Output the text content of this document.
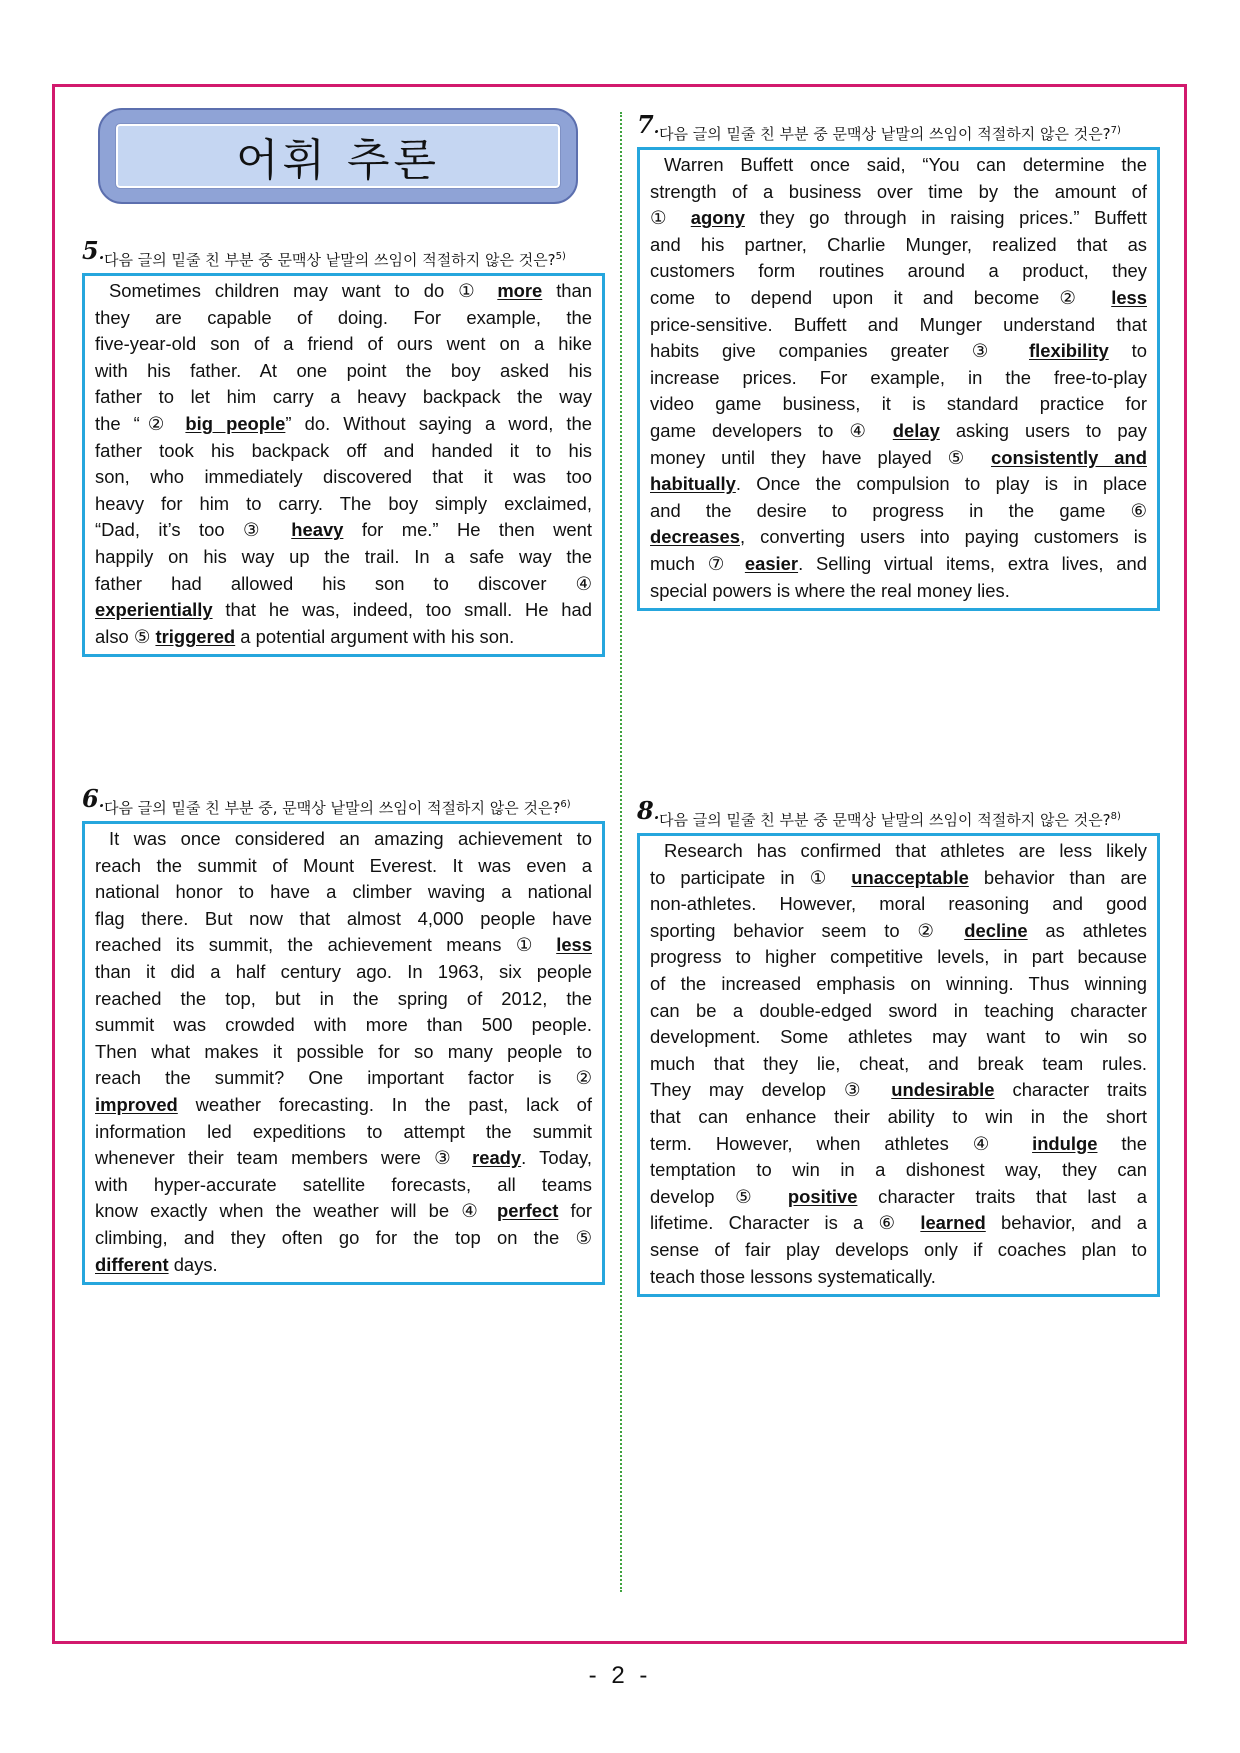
어휘 추론
5. 다음 글의 밑줄 친 부분 중 문맥상 낱말의 쓰임이 적절하지 않은 것은?$^{5)}$
Sometimes children may want to do ① more than
they are capable of doing. For example, the
five-year-old son of a friend of ours went on a hike
with his father. At one point the boy asked his
father to let him carry a heavy backpack the way
the “② big people” do. Without saying a word, the
father took his backpack off and handed it to his
son, who immediately discovered that it was too
heavy for him to carry. The boy simply exclaimed,
“Dad, it’s too ③ heavy for me.” He then went
happily on his way up the trail. In a safe way the
father had allowed his son to discover ④
experientially that he was, indeed, too small. He had
also ⑤ triggered a potential argument with his son.
6. 다음 글의 밑줄 친 부분 중, 문맥상 낱말의 쓰임이 적절하지 않은 것은?$^{6)}$
It was once considered an amazing achievement to
reach the summit of Mount Everest. It was even a
national honor to have a climber waving a national
flag there. But now that almost 4,000 people have
reached its summit, the achievement means ① less
than it did a half century ago. In 1963, six people
reached the top, but in the spring of 2012, the
summit was crowded with more than 500 people.
Then what makes it possible for so many people to
reach the summit? One important factor is ②
improved weather forecasting. In the past, lack of
information led expeditions to attempt the summit
whenever their team members were ③ ready. Today,
with hyper-accurate satellite forecasts, all teams
know exactly when the weather will be ④ perfect for
climbing, and they often go for the top on the ⑤
different days.
7. 다음 글의 밑줄 친 부분 중 문맥상 낱말의 쓰임이 적절하지 않은 것은?$^{7)}$
Warren Buffett once said, “You can determine the
strength of a business over time by the amount of
① agony they go through in raising prices.” Buffett
and his partner, Charlie Munger, realized that as
customers form routines around a product, they
come to depend upon it and become ② less
price-sensitive. Buffett and Munger understand that
habits give companies greater ③ flexibility to
increase prices. For example, in the free-to-play
video game business, it is standard practice for
game developers to ④ delay asking users to pay
money until they have played ⑤ consistently and
habitually. Once the compulsion to play is in place
and the desire to progress in the game ⑥
decreases, converting users into paying customers is
much ⑦ easier. Selling virtual items, extra lives, and
special powers is where the real money lies.
8. 다음 글의 밑줄 친 부분 중 문맥상 낱말의 쓰임이 적절하지 않은 것은?$^{8)}$
Research has confirmed that athletes are less likely
to participate in ① unacceptable behavior than are
non-athletes. However, moral reasoning and good
sporting behavior seem to ② decline as athletes
progress to higher competitive levels, in part because
of the increased emphasis on winning. Thus winning
can be a double-edged sword in teaching character
development. Some athletes may want to win so
much that they lie, cheat, and break team rules.
They may develop ③ undesirable character traits
that can enhance their ability to win in the short
term. However, when athletes ④ indulge the
temptation to win in a dishonest way, they can
develop ⑤ positive character traits that last a
lifetime. Character is a ⑥ learned behavior, and a
sense of fair play develops only if coaches plan to
teach those lessons systematically.
- 2 -
